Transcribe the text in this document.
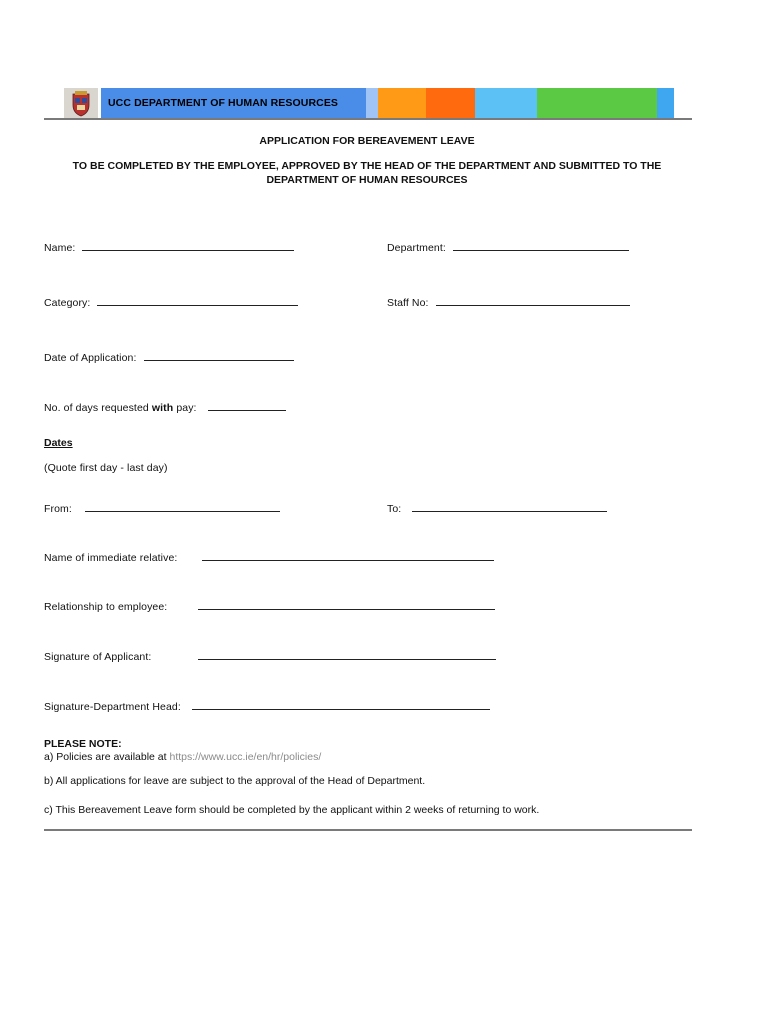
UCC DEPARTMENT OF HUMAN RESOURCES
APPLICATION FOR BEREAVEMENT LEAVE
TO BE COMPLETED BY THE EMPLOYEE, APPROVED BY THE HEAD OF THE DEPARTMENT AND SUBMITTED TO THE DEPARTMENT OF HUMAN RESOURCES
Name:	Department:
Category:	Staff No:
Date of Application:
No. of days requested with pay:
Dates
(Quote first day - last day)
From:	To:
Name of immediate relative:
Relationship to employee:
Signature of Applicant:
Signature-Department Head:
PLEASE NOTE:
a) Policies are available at https://www.ucc.ie/en/hr/policies/
b) All applications for leave are subject to the approval of the Head of Department.
c) This Bereavement Leave form should be completed by the applicant within 2 weeks of returning to work.
